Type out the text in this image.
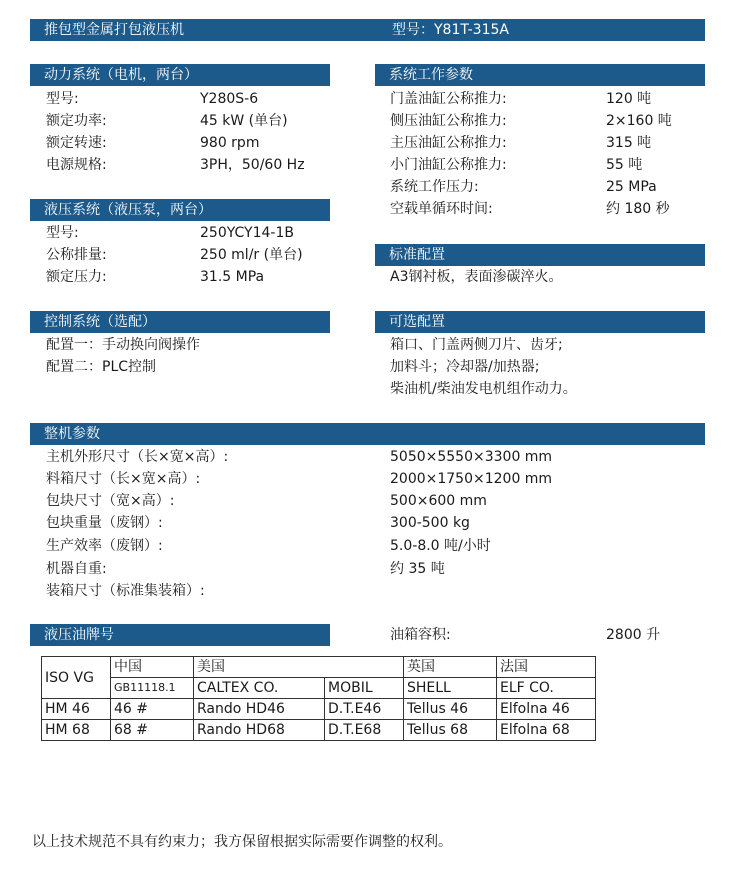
推包型金属打包液压机	型号：Y81T-315A
动力系统（电机，两台）
型号:	Y280S-6
额定功率:	45 kW (单台)
额定转速:	980 rpm
电源规格:	3PH，50/60 Hz
液压系统（液压泵，两台）
型号:	250YCY14-1B
公称排量:	250 ml/r (单台)
额定压力:	31.5 MPa
控制系统（选配）
配置一：手动换向阀操作
配置二：PLC控制
系统工作参数
门盖油缸公称推力:	120 吨
侧压油缸公称推力:	2×160 吨
主压油缸公称推力:	315 吨
小门油缸公称推力:	55 吨
系统工作压力:	25 MPa
空载单循环时间:	约 180 秒
标准配置
A3钢衬板，表面渗碳淬火。
可选配置
箱口、门盖两侧刀片、齿牙;
加料斗；冷却器/加热器;
柴油机/柴油发电机组作动力。
整机参数
主机外形尺寸（长×宽×高）:	5050×5550×3300 mm
料箱尺寸（长×宽×高）:	2000×1750×1200 mm
包块尺寸（宽×高）:	500×600 mm
包块重量（废钢）:	300-500 kg
生产效率（废钢）:	5.0-8.0 吨/小时
机器自重:	约 35 吨
装箱尺寸（标准集装箱）:
液压油牌号	油箱容积:	2800 升
ISO VG	中国	美国		英国	法国
	GB11118.1	CALTEX CO.	MOBIL	SHELL	ELF CO.
HM 46	46 #	Rando HD46	D.T.E46	Tellus 46	Elfolna 46
HM 68	68 #	Rando HD68	D.T.E68	Tellus 68	Elfolna 68
以上技术规范不具有约束力；我方保留根据实际需要作调整的权利。
